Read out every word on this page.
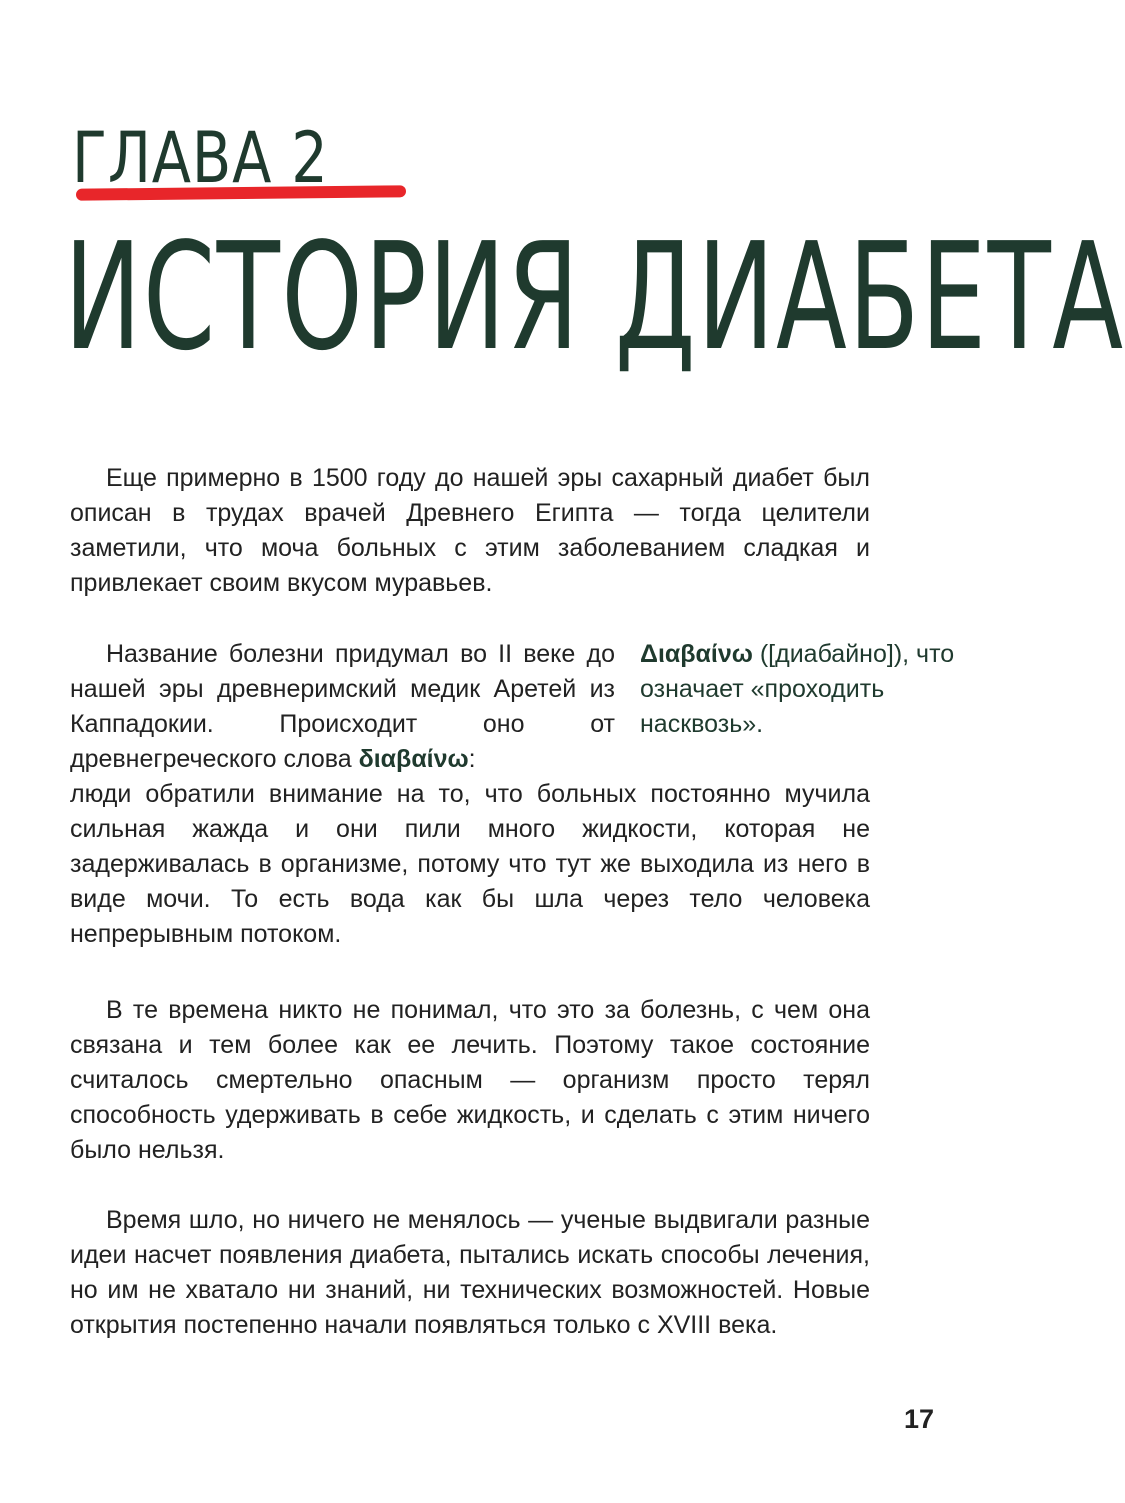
ГЛАВА 2
ИСТОРИЯ ДИАБЕТА

Еще примерно в 1500 году до нашей эры сахарный диабет был описан в трудах врачей Древнего Египта — тогда целители заметили, что моча больных с этим заболеванием сладкая и привлекает своим вкусом муравьев.

Название болезни придумал во II веке до нашей эры древнеримский медик Аретей из Каппадокии. Происходит оно от древнегреческого слова διαβαίνω:
люди обратили внимание на то, что больных постоянно мучила сильная жажда и они пили много жидкости, которая не задерживалась в организме, потому что тут же выходила из него в виде мочи. То есть вода как бы шла через тело человека непрерывным потоком.
Διαβαίνω ([диабайно]), что означает «проходить насквозь».

В те времена никто не понимал, что это за болезнь, с чем она связана и тем более как ее лечить. Поэтому такое состояние считалось смертельно опасным — организм просто терял способность удерживать в себе жидкость, и сделать с этим ничего было нельзя.

Время шло, но ничего не менялось — ученые выдвигали разные идеи насчет появления диабета, пытались искать способы лечения, но им не хватало ни знаний, ни технических возможностей. Новые открытия постепенно начали появляться только с XVIII века.

17
